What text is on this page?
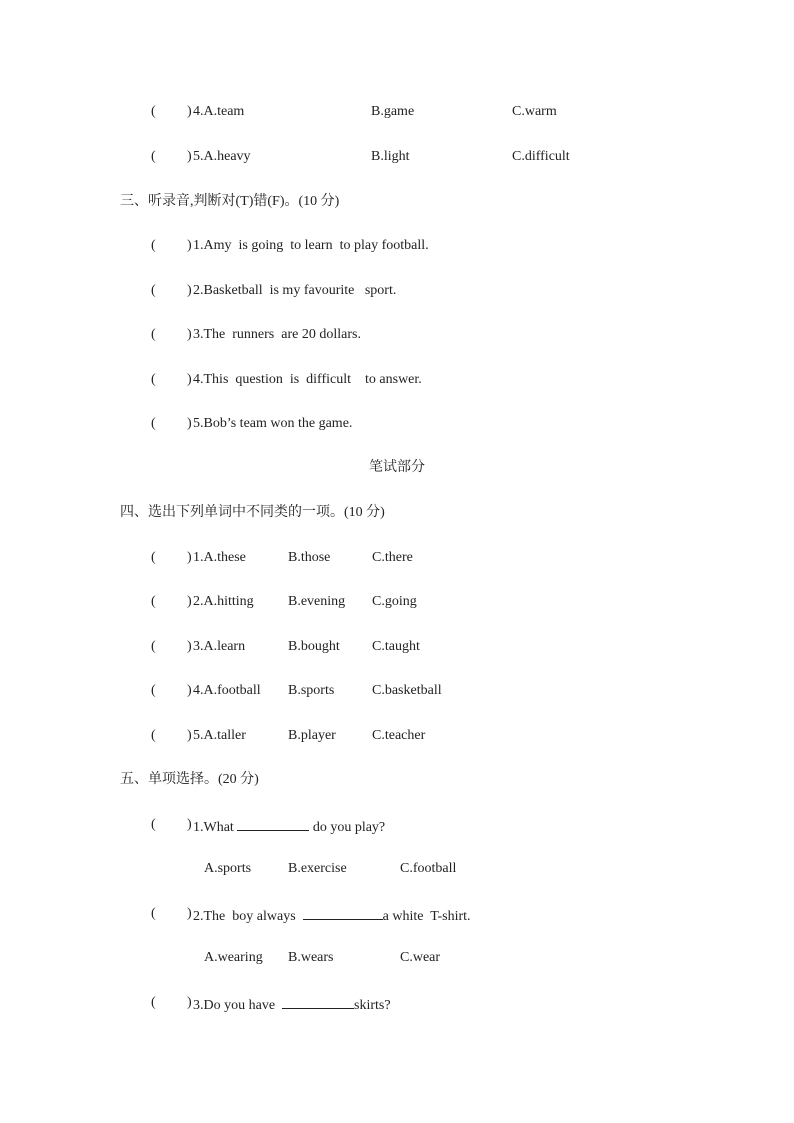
( ) 4.A.team	B.game	C.warm
( ) 5.A.heavy	B.light	C.difficult
三、听录音,判断对(T)错(F)。(10 分)
( ) 1.Amy  is going  to learn  to play football.
( ) 2.Basketball  is my favourite   sport.
( ) 3.The  runners  are 20 dollars.
( ) 4.This  question  is  difficult    to answer.
( ) 5.Bob’s team won the game.
笔试部分
四、选出下列单词中不同类的一项。(10 分)
( ) 1.A.these	B.those	C.there
( ) 2.A.hitting B.evening C.going
( ) 3.A.learn	B.bought C.taught
( ) 4.A.football B.sports	C.basketball
( ) 5.A.taller	B.player	C.teacher
五、单项选择。(20 分)
( ) 1.What	do you play?
A.sports	B.exercise	C.football
( ) 2.The  boy always	a white  T-shirt.
A.wearing B.wears	C.wear
( ) 3.Do you have	skirts?
